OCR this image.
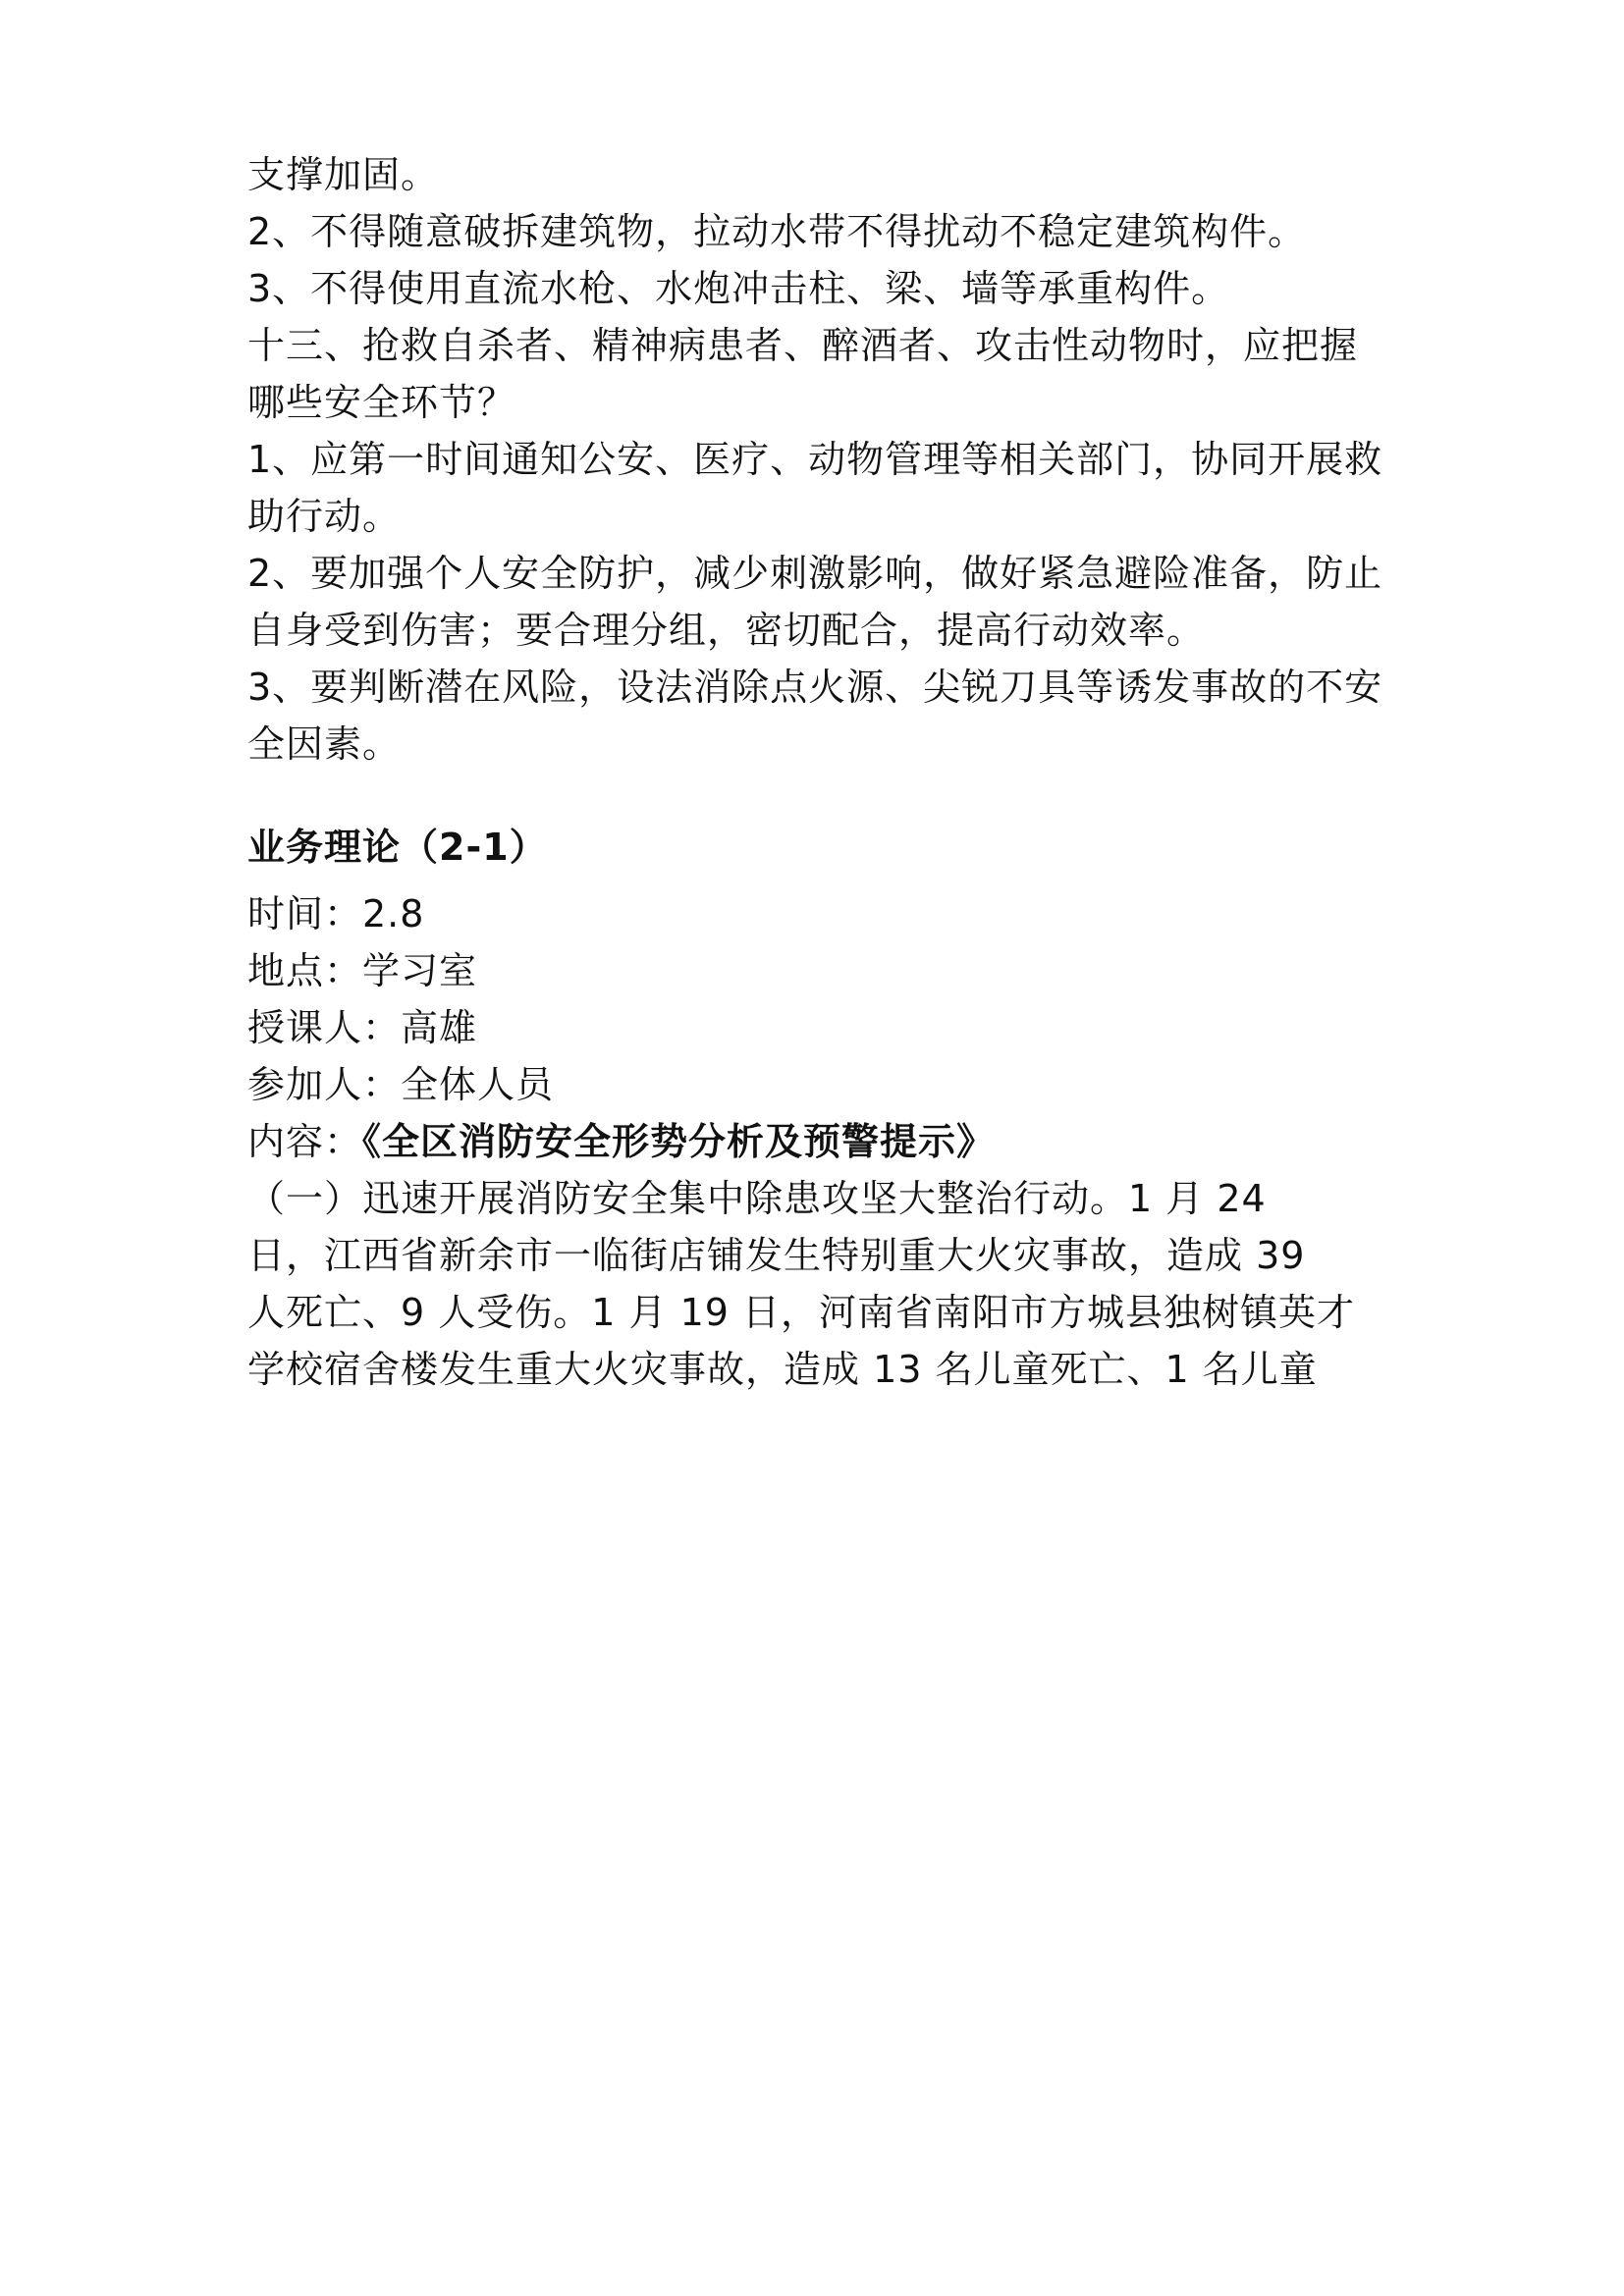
支撑加固。

2、不得随意破拆建筑物，拉动水带不得扰动不稳定建筑构件。

3、不得使用直流水枪、水炮冲击柱、梁、墙等承重构件。

十三、抢救自杀者、精神病患者、醉酒者、攻击性动物时，应把握

哪些安全环节？

1、应第一时间通知公安、医疗、动物管理等相关部门，协同开展救

助行动。

2、要加强个人安全防护，减少刺激影响，做好紧急避险准备，防止

自身受到伤害；要合理分组，密切配合，提高行动效率。

3、要判断潜在风险，设法消除点火源、尖锐刀具等诱发事故的不安

全因素。

业务理论（2-1）

时间：2.8

地点：学习室

授课人：高雄

参加人：全体人员

内容：《全区消防安全形势分析及预警提示》

（一）迅速开展消防安全集中除患攻坚大整治行动。1 月 24

日，江西省新余市一临街店铺发生特别重大火灾事故，造成 39

人死亡、9 人受伤。1 月 19 日，河南省南阳市方城县独树镇英才

学校宿舍楼发生重大火灾事故，造成 13 名儿童死亡、1 名儿童
